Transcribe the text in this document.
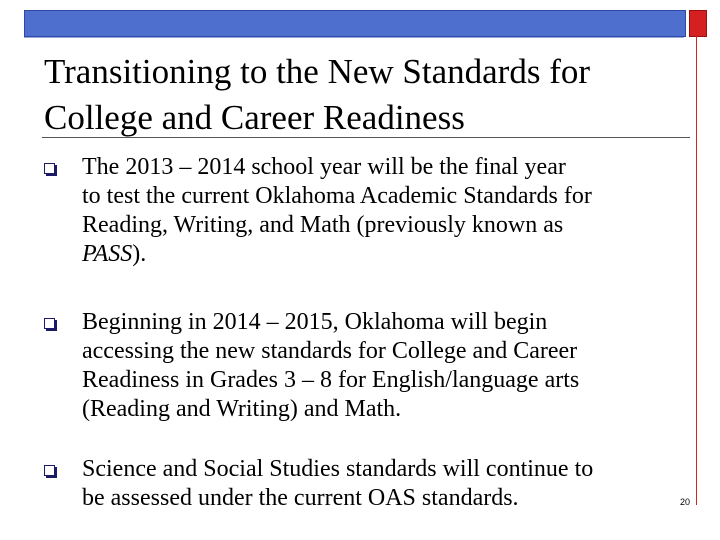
Transitioning to the New Standards for
College and Career Readiness

The 2013 – 2014 school year will be the final year
to test the current Oklahoma Academic Standards for
Reading, Writing, and Math (previously known as
PASS).

Beginning in 2014 – 2015, Oklahoma will begin
accessing the new standards for College and Career
Readiness in Grades 3 – 8 for English/language arts
(Reading and Writing) and Math.

Science and Social Studies standards will continue to
be assessed under the current OAS standards.	20
